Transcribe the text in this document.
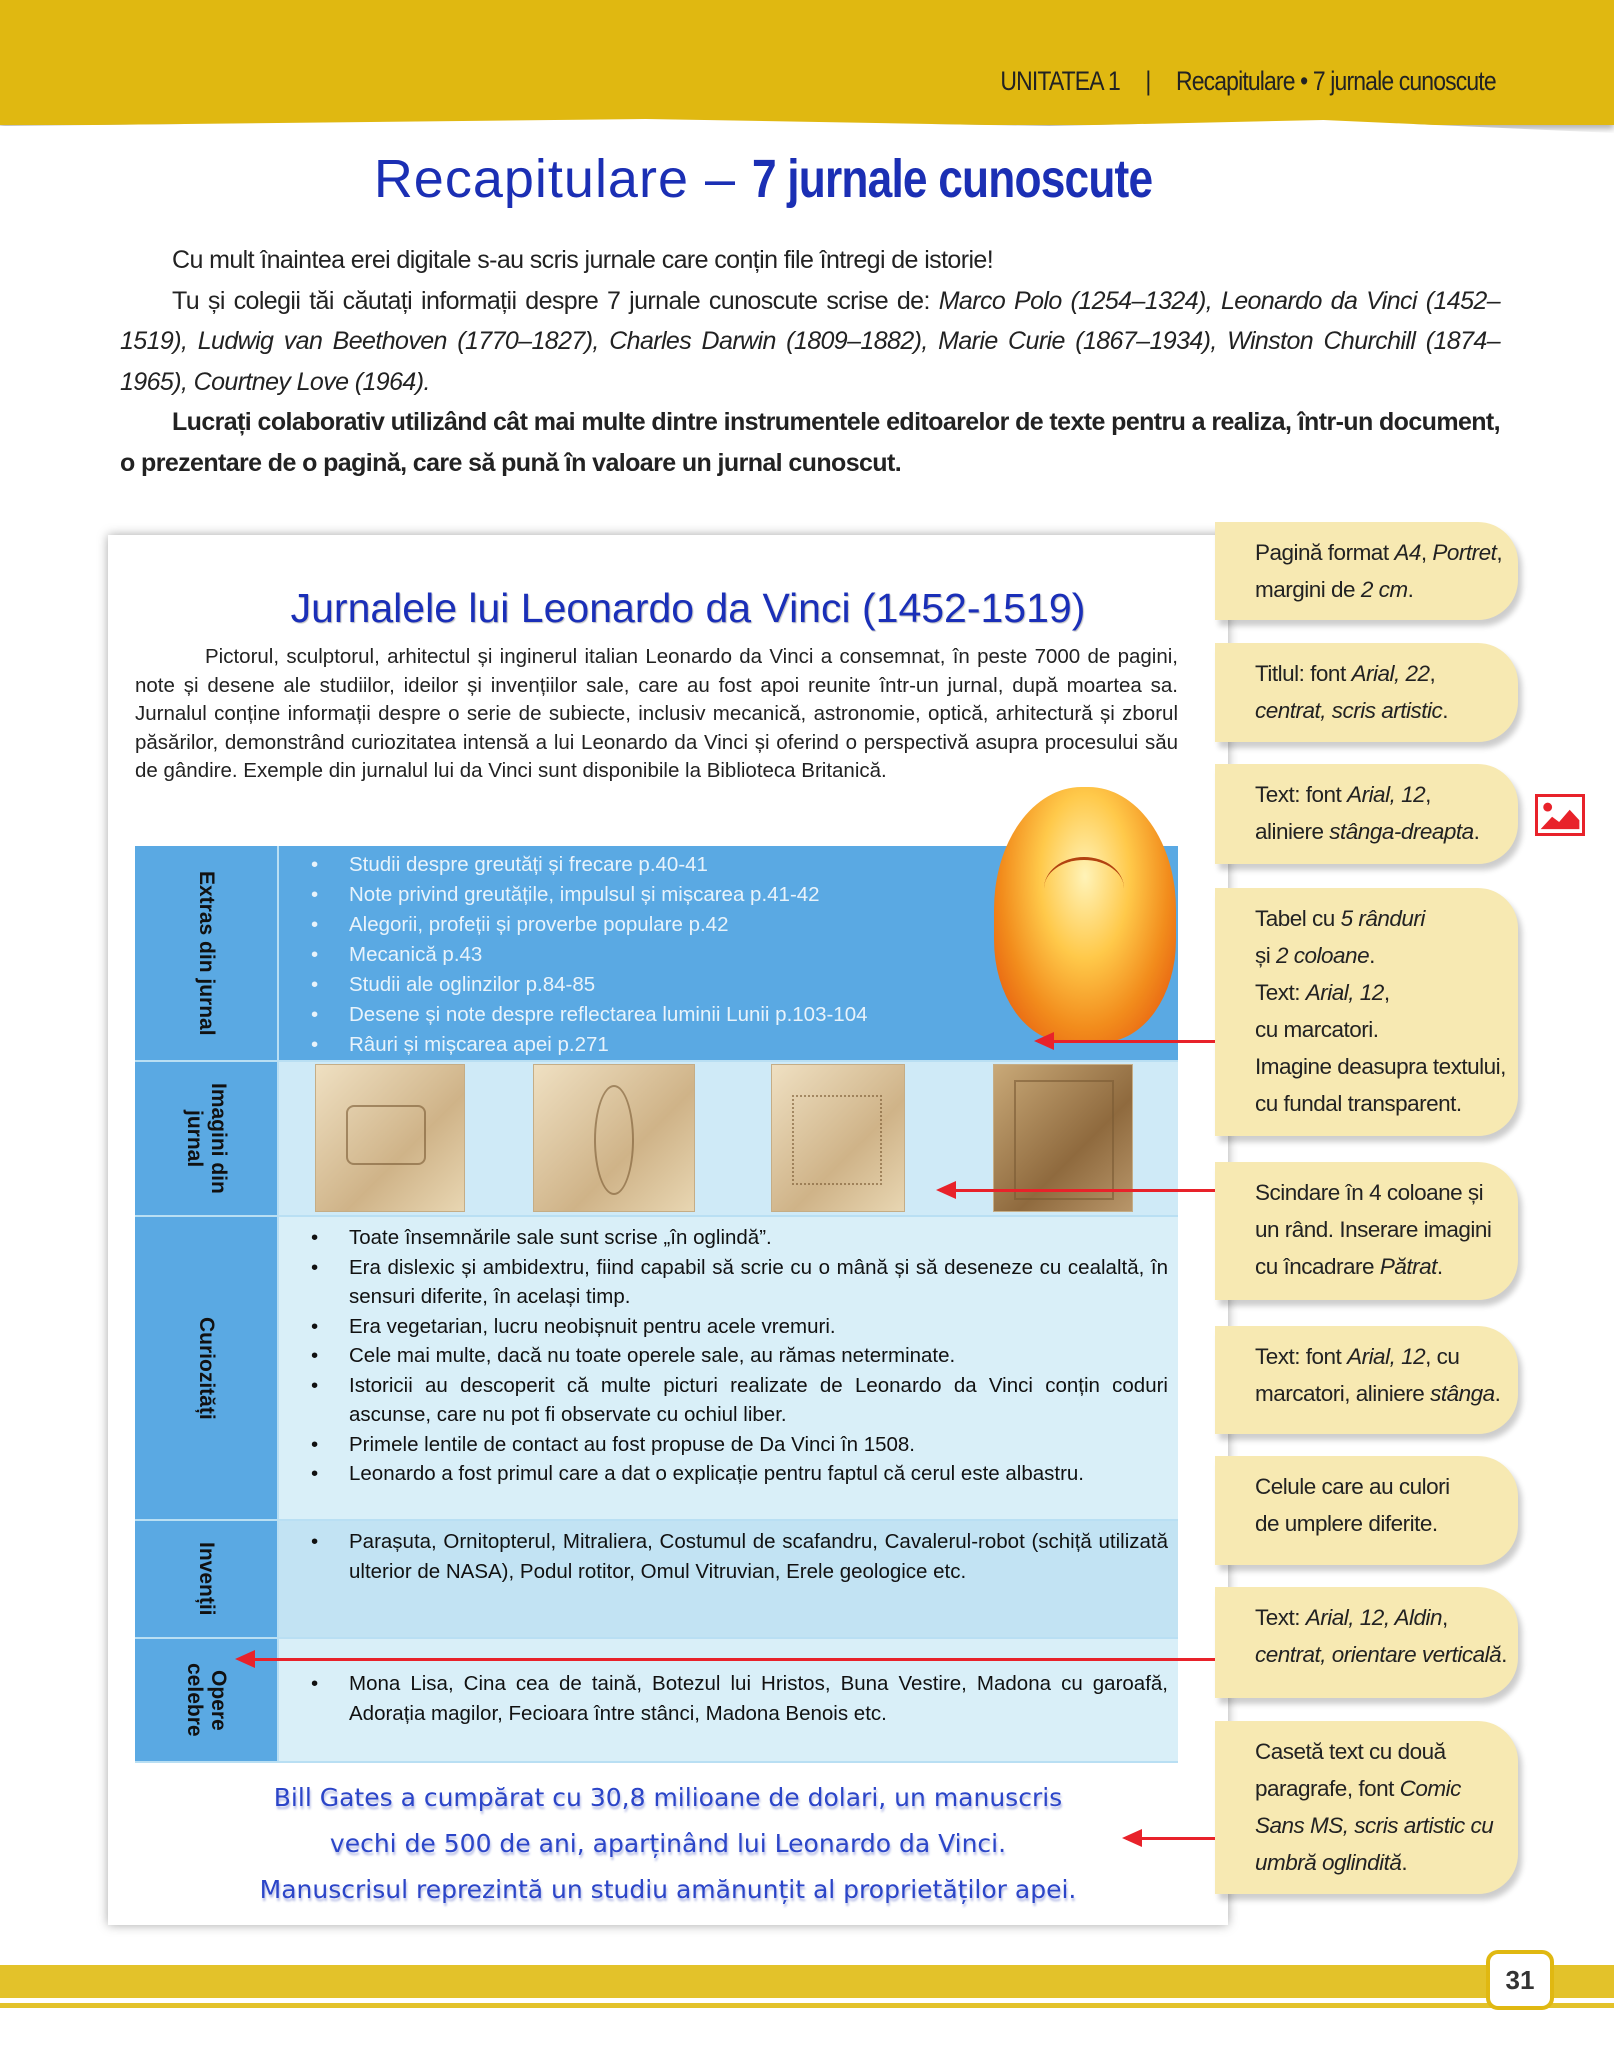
UNITATEA 1 | Recapitulare • 7 jurnale cunoscute
Recapitulare – 7 jurnale cunoscute

Cu mult înaintea erei digitale s-au scris jurnale care conțin file întregi de istorie!

Tu și colegii tăi căutați informații despre 7 jurnale cunoscute scrise de: Marco Polo (1254–1324), Leonardo da Vinci (1452–1519), Ludwig van Beethoven (1770–1827), Charles Darwin (1809–1882), Marie Curie (1867–1934), Winston Churchill (1874–1965), Courtney Love (1964).

Lucrați colaborativ utilizând cât mai multe dintre instrumentele editoarelor de texte pentru a realiza, într-un document, o prezentare de o pagină, care să pună în valoare un jurnal cunoscut.

Jurnalele lui Leonardo da Vinci (1452-1519)
Pictorul, sculptorul, arhitectul și inginerul italian Leonardo da Vinci a consemnat, în peste 7000 de pagini, note și desene ale studiilor, ideilor și invențiilor sale, care au fost apoi reunite într-un jurnal, după moartea sa. Jurnalul conține informații despre o serie de subiecte, inclusiv mecanică, astronomie, optică, arhitectură și zborul păsărilor, demonstrând curiozitatea intensă a lui Leonardo da Vinci și oferind o perspectivă asupra procesului său de gândire. Exemple din jurnalul lui da Vinci sunt disponibile la Biblioteca Britanică.
Extras din jurnal
• Studii despre greutăți și frecare p.40-41
• Note privind greutățile, impulsul și mișcarea p.41-42
• Alegorii, profeții și proverbe populare p.42
• Mecanică p.43
• Studii ale oglinzilor p.84-85
• Desene și note despre reflectarea luminii Lunii p.103-104
• Râuri și mișcarea apei p.271
Imagini din jurnal
Curiozități
• Toate însemnările sale sunt scrise „în oglindă”.
• Era dislexic și ambidextru, fiind capabil să scrie cu o mână și să deseneze cu cealaltă, în sensuri diferite, în același timp.
• Era vegetarian, lucru neobișnuit pentru acele vremuri.
• Cele mai multe, dacă nu toate operele sale, au rămas neterminate.
• Istoricii au descoperit că multe picturi realizate de Leonardo da Vinci conțin coduri ascunse, care nu pot fi observate cu ochiul liber.
• Primele lentile de contact au fost propuse de Da Vinci în 1508.
• Leonardo a fost primul care a dat o explicație pentru faptul că cerul este albastru.
Invenții
• Parașuta, Ornitopterul, Mitraliera, Costumul de scafandru, Cavalerul-robot (schiță utilizată ulterior de NASA), Podul rotitor, Omul Vitruvian, Erele geologice etc.
Opere celebre	• Mona Lisa, Cina cea de taină, Botezul lui Hristos, Buna Vestire, Madona cu garoafă, Adorația magilor, Fecioara între stânci, Madona Benois etc.
Bill Gates a cumpărat cu 30,8 milioane de dolari, un manuscris vechi de 500 de ani, aparținând lui Leonardo da Vinci.
Manuscrisul reprezintă un studiu amănunțit al proprietăților apei.
Pagină format A4, Portret, margini de 2 cm.
Titlul: font Arial, 22,
centrat, scris artistic.
Text: font Arial, 12,
aliniere stânga-dreapta.
Tabel cu 5 rânduri
și 2 coloane.
Text: Arial, 12,
cu marcatori.
Imagine deasupra textului, cu fundal transparent.
Scindare în 4 coloane și un rând. Inserare imagini cu încadrare Pătrat.
Text: font Arial, 12, cu marcatori, aliniere stânga.
Celule care au culori
de umplere diferite.
Text: Arial, 12, Aldin,
centrat, orientare verticală.
Casetă text cu două paragrafe, font Comic Sans MS, scris artistic cu umbră oglindită.
31
